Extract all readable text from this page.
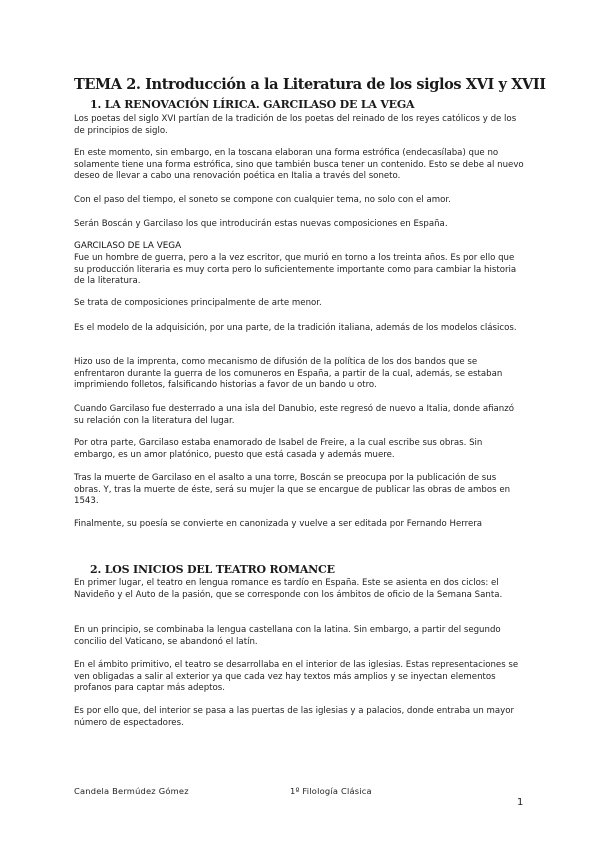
TEMA 2. Introducción a la Literatura de los siglos XVI y XVII
1. LA RENOVACIÓN LÍRICA. GARCILASO DE LA VEGA
Los poetas del siglo XVI partían de la tradición de los poetas del reinado de los reyes católicos y de los de principios de siglo.
En este momento, sin embargo, en la toscana elaboran una forma estrófica (endecasílaba) que no solamente tiene una forma estrófica, sino que también busca tener un contenido. Esto se debe al nuevo deseo de llevar a cabo una renovación poética en Italia a través del soneto.
Con el paso del tiempo, el soneto se compone con cualquier tema, no solo con el amor.
Serán Boscán y Garcilaso los que introducirán estas nuevas composiciones en España.
GARCILASO DE LA VEGA
Fue un hombre de guerra, pero a la vez escritor, que murió en torno a los treinta años. Es por ello que su producción literaria es muy corta pero lo suficientemente importante como para cambiar la historia de la literatura.
Se trata de composiciones principalmente de arte menor.
Es el modelo de la adquisición, por una parte, de la tradición italiana, además de los modelos clásicos.
Hizo uso de la imprenta, como mecanismo de difusión de la política de los dos bandos que se enfrentaron durante la guerra de los comuneros en España, a partir de la cual, además, se estaban imprimiendo folletos, falsificando historias a favor de un bando u otro.
Cuando Garcilaso fue desterrado a una isla del Danubio, este regresó de nuevo a Italia, donde afianzó su relación con la literatura del lugar.
Por otra parte, Garcilaso estaba enamorado de Isabel de Freire, a la cual escribe sus obras. Sin embargo, es un amor platónico, puesto que está casada y además muere.
Tras la muerte de Garcilaso en el asalto a una torre, Boscán se preocupa por la publicación de sus obras. Y, tras la muerte de éste, será su mujer la que se encargue de publicar las obras de ambos en 1543.
Finalmente, su poesía se convierte en canonizada y vuelve a ser editada por Fernando Herrera
2. LOS INICIOS DEL TEATRO ROMANCE
En primer lugar, el teatro en lengua romance es tardío en España. Este se asienta en dos ciclos: el Navideño y el Auto de la pasión, que se corresponde con los ámbitos de oficio de la Semana Santa.
En un principio, se combinaba la lengua castellana con la latina. Sin embargo, a partir del segundo concilio del Vaticano, se abandonó el latín.
En el ámbito primitivo, el teatro se desarrollaba en el interior de las iglesias. Estas representaciones se ven obligadas a salir al exterior ya que cada vez hay textos más amplios y se inyectan elementos profanos para captar más adeptos.
Es por ello que, del interior se pasa a las puertas de las iglesias y a palacios, donde entraba un mayor número de espectadores.
Candela Bermúdez Gómez	1º Filología Clásica
1
